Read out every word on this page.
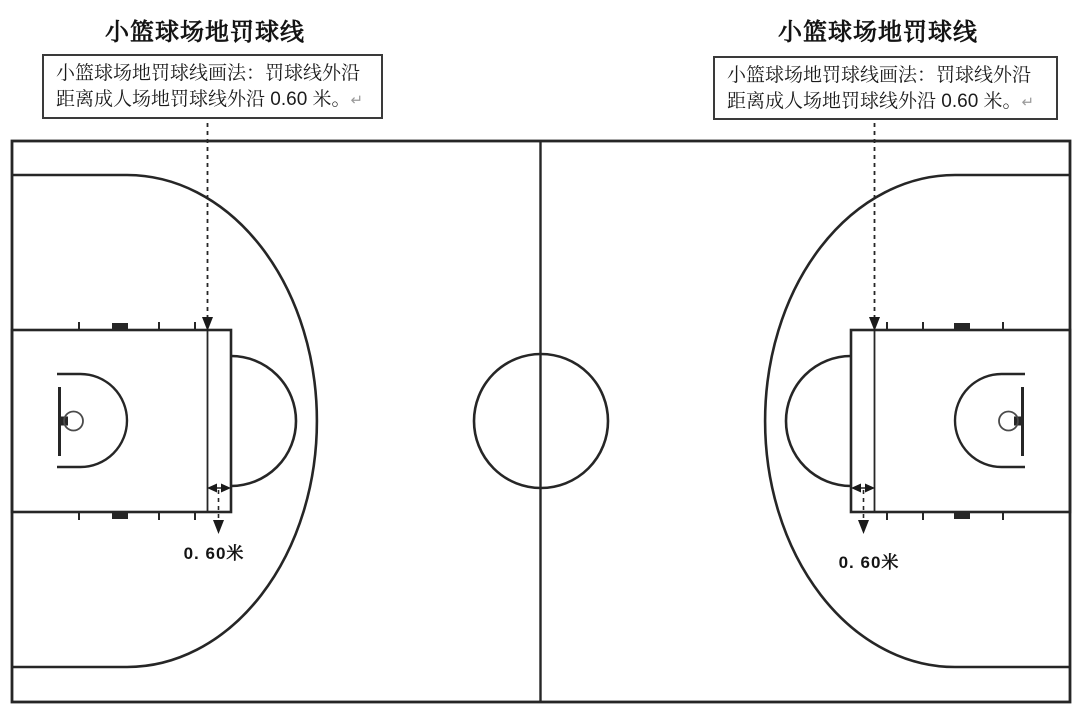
小篮球场地罚球线
小篮球场地罚球线画法：罚球线外沿
距离成人场地罚球线外沿 0.60 米。↵
0. 60米
小篮球场地罚球线
小篮球场地罚球线画法：罚球线外沿
距离成人场地罚球线外沿 0.60 米。↵
0. 60米
